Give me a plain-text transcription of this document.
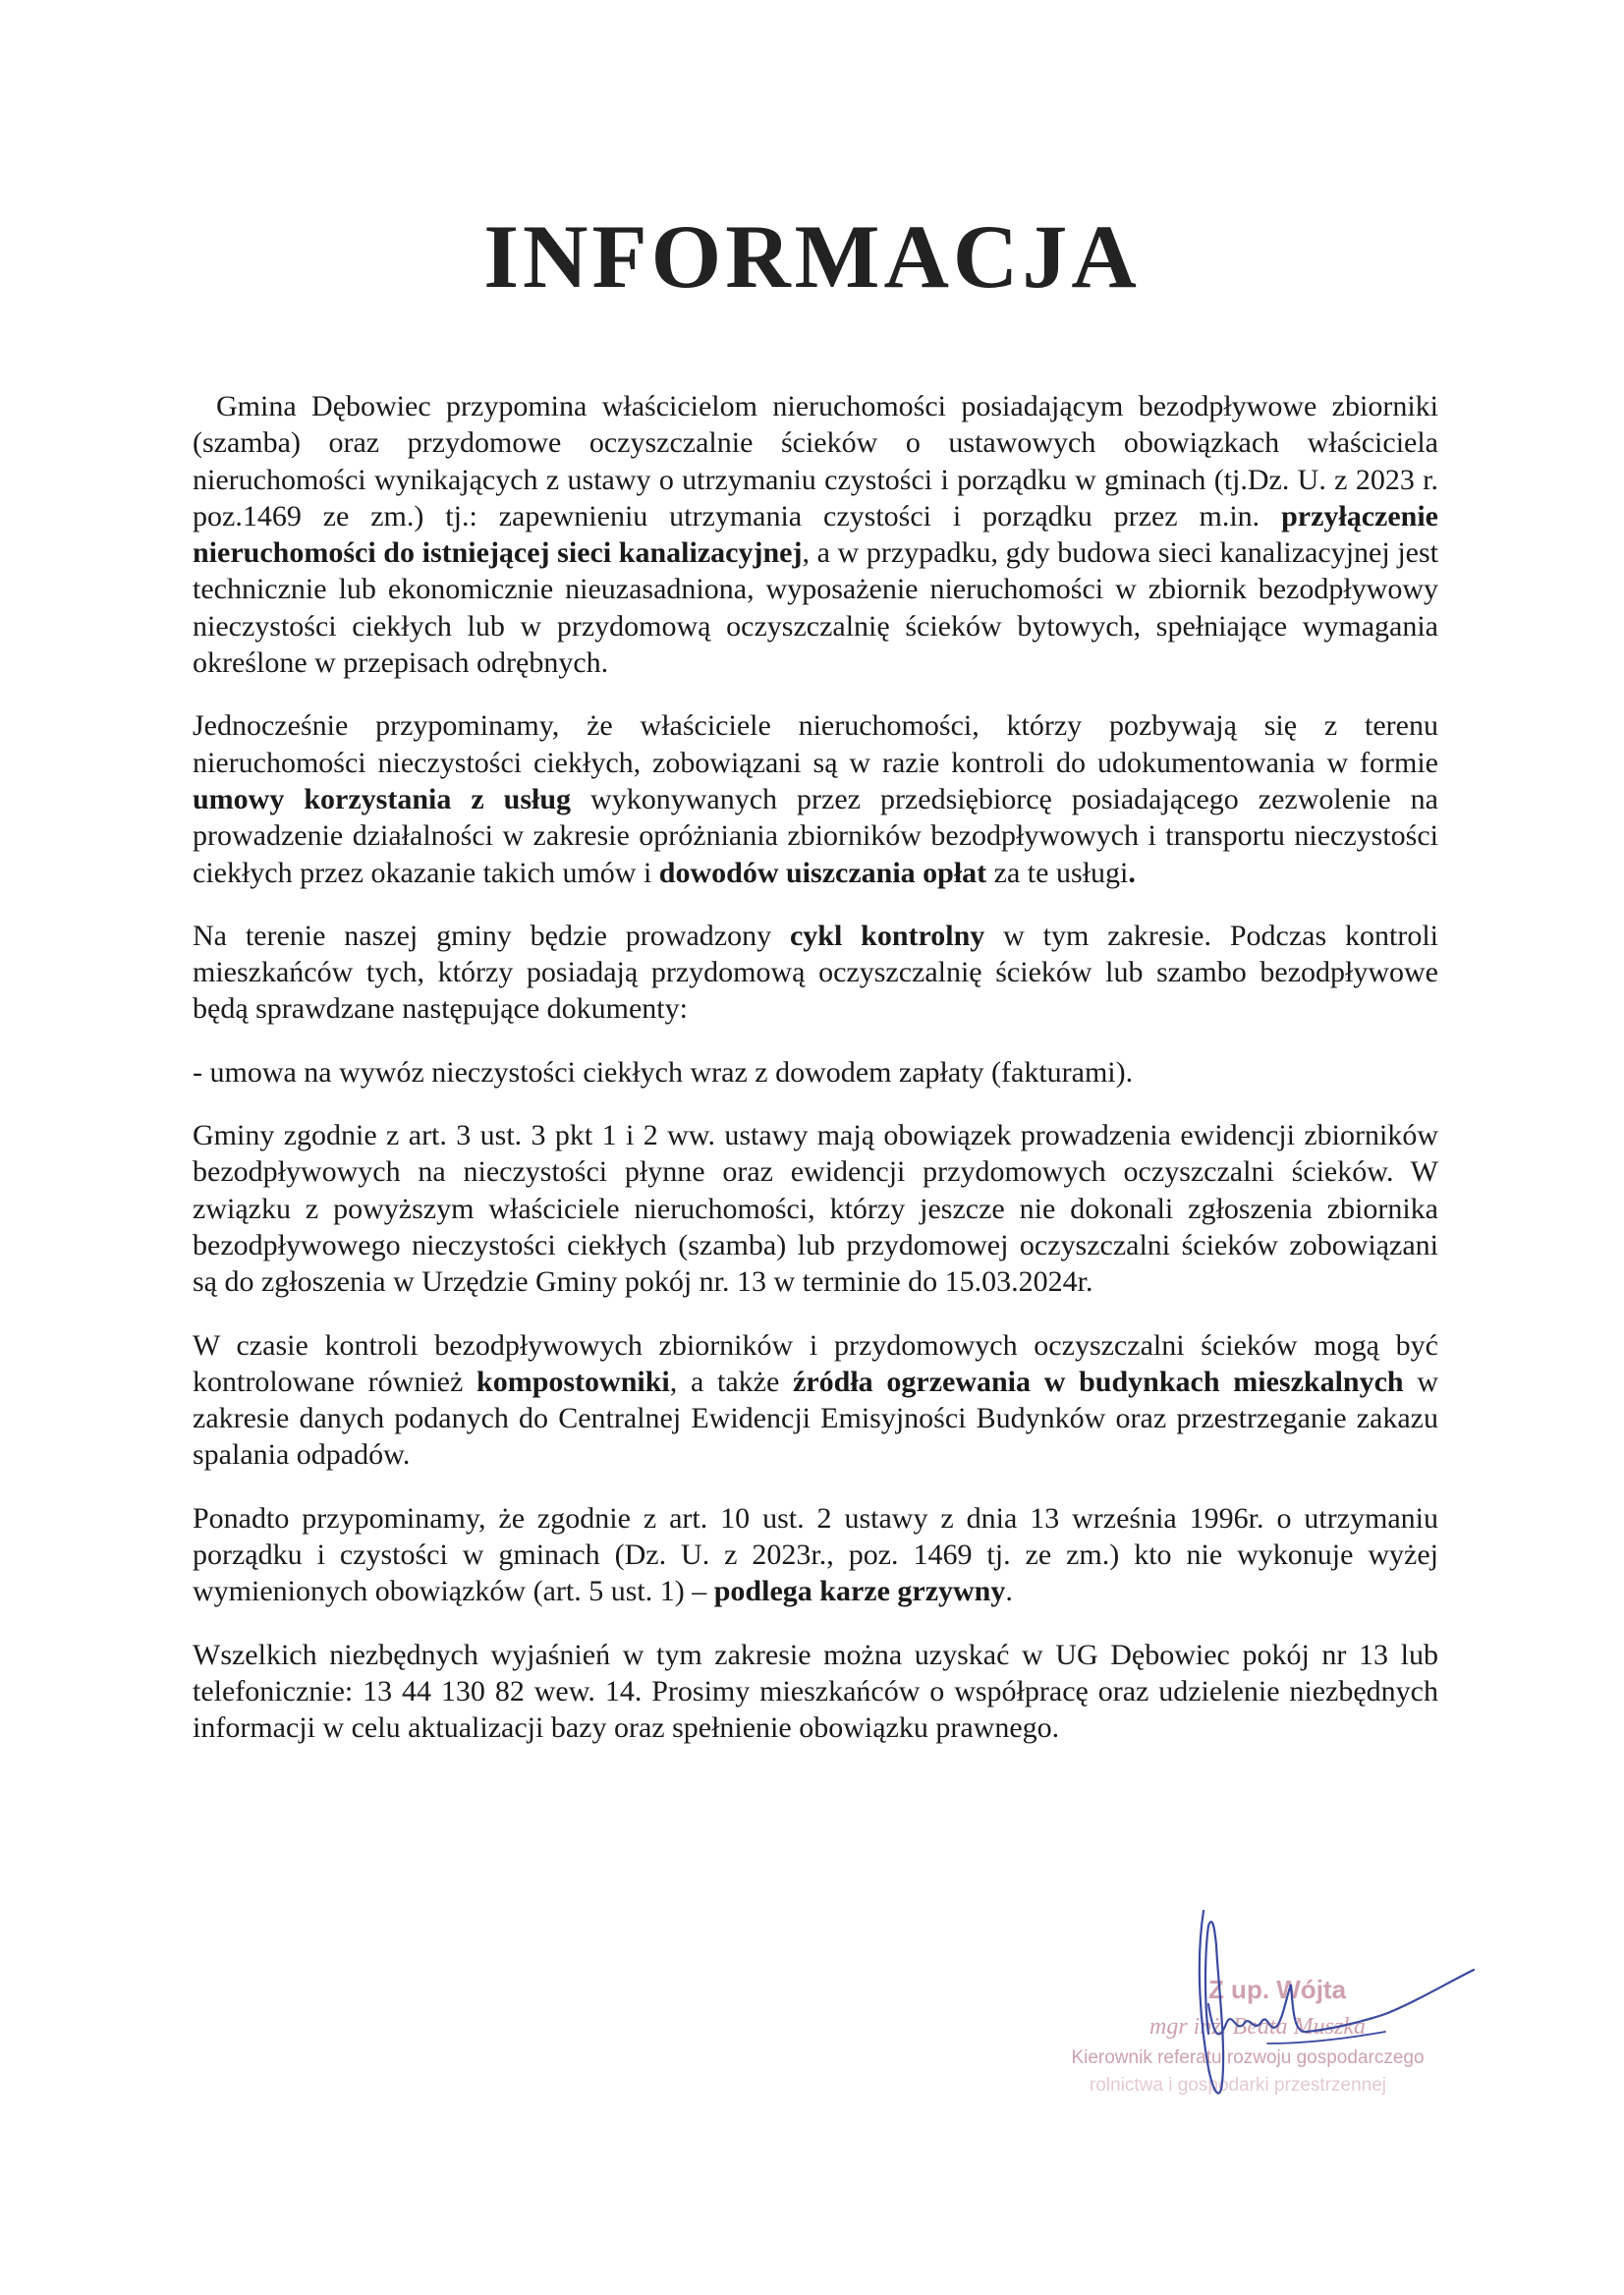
INFORMACJA

Gmina Dębowiec przypomina właścicielom nieruchomości posiadającym bezodpływowe zbiorniki (szamba) oraz przydomowe oczyszczalnie ścieków o ustawowych obowiązkach właściciela nieruchomości wynikających z ustawy o utrzymaniu czystości i porządku w gminach (tj.Dz. U. z 2023 r. poz.1469 ze zm.) tj.: zapewnieniu utrzymania czystości i porządku przez m.in. przyłączenie nieruchomości do istniejącej sieci kanalizacyjnej, a w przypadku, gdy budowa sieci kanalizacyjnej jest technicznie lub ekonomicznie nieuzasadniona, wyposażenie nieruchomości w zbiornik bezodpływowy nieczystości ciekłych lub w przydomową oczyszczalnię ścieków bytowych, spełniające wymagania określone w przepisach odrębnych.

Jednocześnie przypominamy, że właściciele nieruchomości, którzy pozbywają się z terenu nieruchomości nieczystości ciekłych, zobowiązani są w razie kontroli do udokumentowania w formie umowy korzystania z usług wykonywanych przez przedsiębiorcę posiadającego zezwolenie na prowadzenie działalności w zakresie opróżniania zbiorników bezodpływowych i transportu nieczystości ciekłych przez okazanie takich umów i dowodów uiszczania opłat za te usługi.

Na terenie naszej gminy będzie prowadzony cykl kontrolny w tym zakresie. Podczas kontroli mieszkańców tych, którzy posiadają przydomową oczyszczalnię ścieków lub szambo bezodpływowe będą sprawdzane następujące dokumenty:

- umowa na wywóz nieczystości ciekłych wraz z dowodem zapłaty (fakturami).

Gminy zgodnie z art. 3 ust. 3 pkt 1 i 2 ww. ustawy mają obowiązek prowadzenia ewidencji zbiorników bezodpływowych na nieczystości płynne oraz ewidencji przydomowych oczyszczalni ścieków. W związku z powyższym właściciele nieruchomości, którzy jeszcze nie dokonali zgłoszenia zbiornika bezodpływowego nieczystości ciekłych (szamba) lub przydomowej oczyszczalni ścieków zobowiązani są do zgłoszenia w Urzędzie Gminy pokój nr. 13 w terminie do 15.03.2024r.

W czasie kontroli bezodpływowych zbiorników i przydomowych oczyszczalni ścieków mogą być kontrolowane również kompostowniki, a także źródła ogrzewania w budynkach mieszkalnych w zakresie danych podanych do Centralnej Ewidencji Emisyjności Budynków oraz przestrzeganie zakazu spalania odpadów.

Ponadto przypominamy, że zgodnie z art. 10 ust. 2 ustawy z dnia 13 września 1996r. o utrzymaniu porządku i czystości w gminach (Dz. U. z 2023r., poz. 1469 tj. ze zm.) kto nie wykonuje wyżej wymienionych obowiązków (art. 5 ust. 1) – podlega karze grzywny.

Wszelkich niezbędnych wyjaśnień w tym zakresie można uzyskać w UG Dębowiec pokój nr 13 lub telefonicznie: 13 44 130 82 wew. 14. Prosimy mieszkańców o współpracę oraz udzielenie niezbędnych informacji w celu aktualizacji bazy oraz spełnienie obowiązku prawnego.

Z up. Wójta
mgr inż. Beata Muszka
Kierownik referatu rozwoju gospodarczego
rolnictwa i gospodarki przestrzennej
